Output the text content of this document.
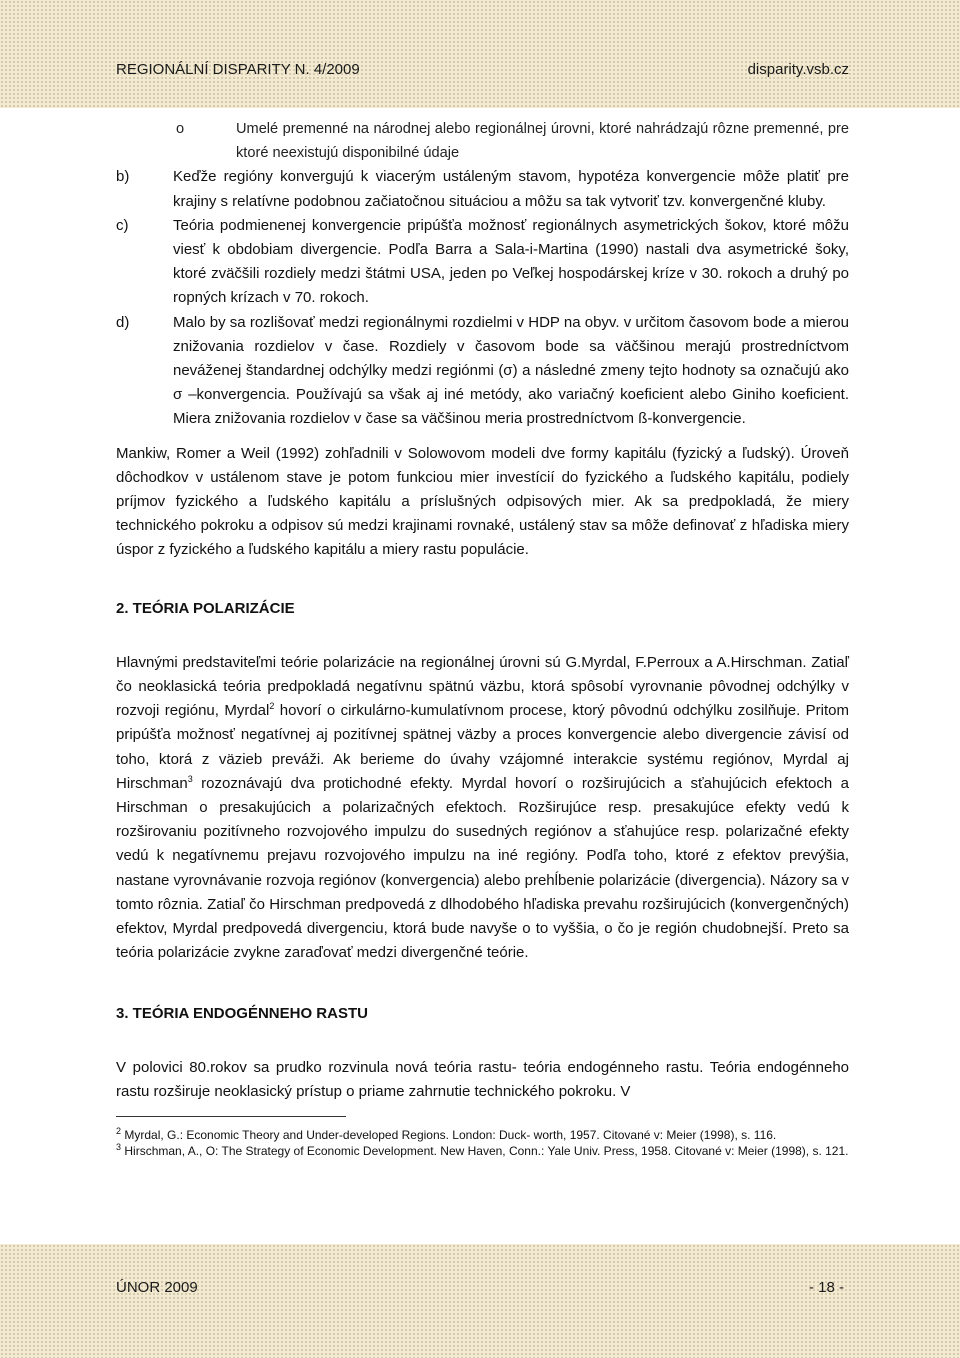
REGIONÁLNÍ DISPARITY N. 4/2009	disparity.vsb.cz
o	Umelé premenné na národnej alebo regionálnej úrovni, ktoré nahrádzajú rôzne premenné, pre ktoré neexistujú disponibilné údaje
b)	Keďže regióny konvergujú k viacerým ustáleným stavom, hypotéza konvergencie môže platiť pre krajiny s relatívne podobnou začiatočnou situáciou a môžu sa tak vytvoriť tzv. konvergenčné kluby.
c)	Teória podmienenej konvergencie pripúšťa možnosť regionálnych asymetrických šokov, ktoré môžu viesť k obdobiam divergencie. Podľa Barra a Sala-i-Martina (1990) nastali dva asymetrické šoky, ktoré zväčšili rozdiely medzi štátmi USA, jeden po Veľkej hospodárskej kríze v 30. rokoch a druhý po ropných krízach v 70. rokoch.
d)	Malo by sa rozlišovať medzi regionálnymi rozdielmi v HDP na obyv. v určitom časovom bode a mierou znižovania rozdielov v čase. Rozdiely v časovom bode sa väčšinou merajú prostredníctvom neváženej štandardnej odchýlky medzi regiónmi (σ) a následné zmeny tejto hodnoty sa označujú ako σ –konvergencia. Používajú sa však aj iné metódy, ako variačný koeficient alebo Giniho koeficient. Miera znižovania rozdielov v čase sa väčšinou meria prostredníctvom ß-konvergencie.

Mankiw, Romer a Weil (1992) zohľadnili v Solowovom modeli dve formy kapitálu (fyzický a ľudský). Úroveň dôchodkov v ustálenom stave je potom funkciou mier investícií do fyzického a ľudského kapitálu, podiely príjmov fyzického a ľudského kapitálu a príslušných odpisových mier. Ak sa predpokladá, že miery technického pokroku a odpisov sú medzi krajinami rovnaké, ustálený stav sa môže definovať z hľadiska miery úspor z fyzického a ľudského kapitálu a miery rastu populácie.

2. TEÓRIA POLARIZÁCIE

Hlavnými predstaviteľmi teórie polarizácie na regionálnej úrovni sú G.Myrdal, F.Perroux a A.Hirschman. Zatiaľ čo neoklasická teória predpokladá negatívnu spätnú väzbu, ktorá spôsobí vyrovnanie pôvodnej odchýlky v rozvoji regiónu, Myrdal$^2$ hovorí o cirkulárno-kumulatívnom procese, ktorý pôvodnú odchýlku zosilňuje. Pritom pripúšťa možnosť negatívnej aj pozitívnej spätnej väzby a proces konvergencie alebo divergencie závisí od toho, ktorá z väzieb preváži. Ak berieme do úvahy vzájomné interakcie systému regiónov, Myrdal aj Hirschman$^3$ rozoznávajú dva protichodné efekty. Myrdal hovorí o rozširujúcich a sťahujúcich efektoch a Hirschman o presakujúcich a polarizačných efektoch. Rozširujúce resp. presakujúce efekty vedú k rozširovaniu pozitívneho rozvojového impulzu do susedných regiónov a sťahujúce resp. polarizačné efekty vedú k negatívnemu prejavu rozvojového impulzu na iné regióny. Podľa toho, ktoré z efektov prevýšia, nastane vyrovnávanie rozvoja regiónov (konvergencia) alebo prehĺbenie polarizácie (divergencia). Názory sa v tomto rôznia. Zatiaľ čo Hirschman predpovedá z dlhodobého hľadiska prevahu rozširujúcich (konvergenčných) efektov, Myrdal predpovedá divergenciu, ktorá bude navyše o to vyššia, o čo je región chudobnejší. Preto sa teória polarizácie zvykne zaraďovať medzi divergenčné teórie.

3. TEÓRIA ENDOGÉNNEHO RASTU

V polovici 80.rokov sa prudko rozvinula nová teória rastu- teória endogénneho rastu. Teória endogénneho rastu rozširuje neoklasický prístup o priame zahrnutie technického pokroku. V

$^2$ Myrdal, G.: Economic Theory and Under-developed Regions. London: Duck- worth, 1957. Citované v: Meier (1998), s. 116.

$^3$ Hirschman, A., O: The Strategy of Economic Development. New Haven, Conn.: Yale Univ. Press, 1958. Citované v: Meier (1998), s. 121.

ÚNOR 2009	- 18 -
